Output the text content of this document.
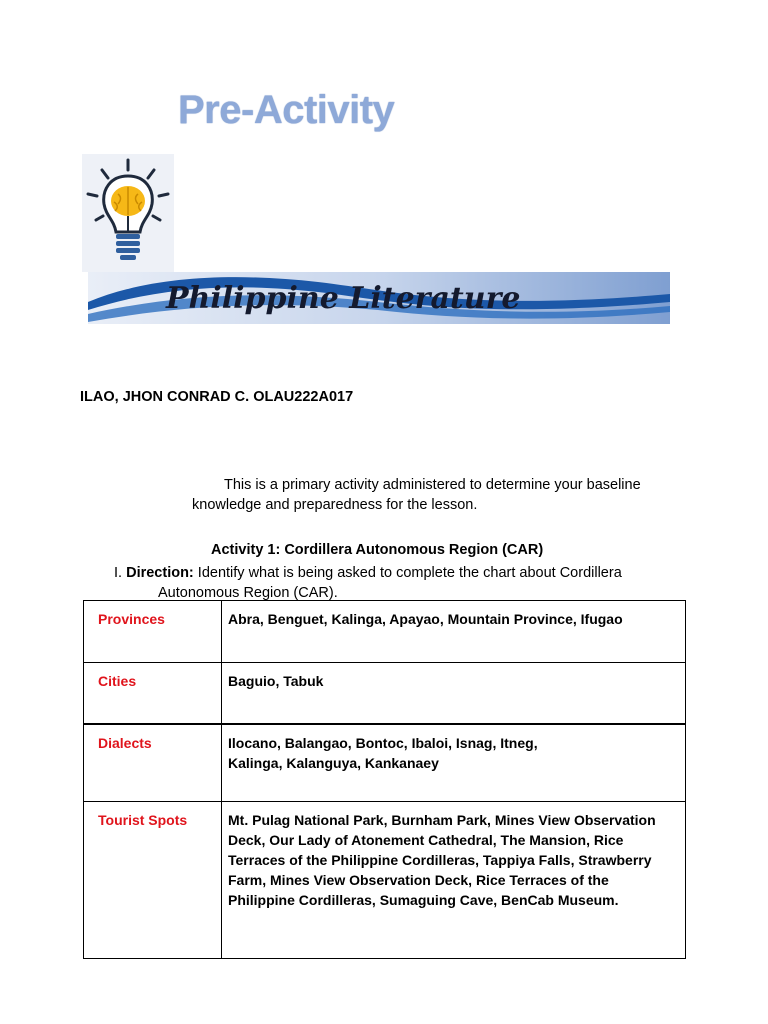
Pre-Activity
Philippine Literature
ILAO, JHON CONRAD C. OLAU222A017
This is a primary activity administered to determine your baseline knowledge and preparedness for the lesson.
Activity 1: Cordillera Autonomous Region (CAR)
I. Direction: Identify what is being asked to complete the chart about Cordillera
Autonomous Region (CAR).
Provinces	Abra, Benguet, Kalinga, Apayao, Mountain Province, Ifugao
Cities	Baguio, Tabuk
Dialects	Ilocano, Balangao, Bontoc, Ibaloi, Isnag, Itneg,
Kalinga, Kalanguya, Kankanaey
Tourist Spots	Mt. Pulag National Park, Burnham Park, Mines View Observation Deck, Our Lady of Atonement Cathedral, The Mansion, Rice Terraces of the Philippine Cordilleras, Tappiya Falls, Strawberry Farm, Mines View Observation Deck, Rice Terraces of the Philippine Cordilleras, Sumaguing Cave, BenCab Museum.
